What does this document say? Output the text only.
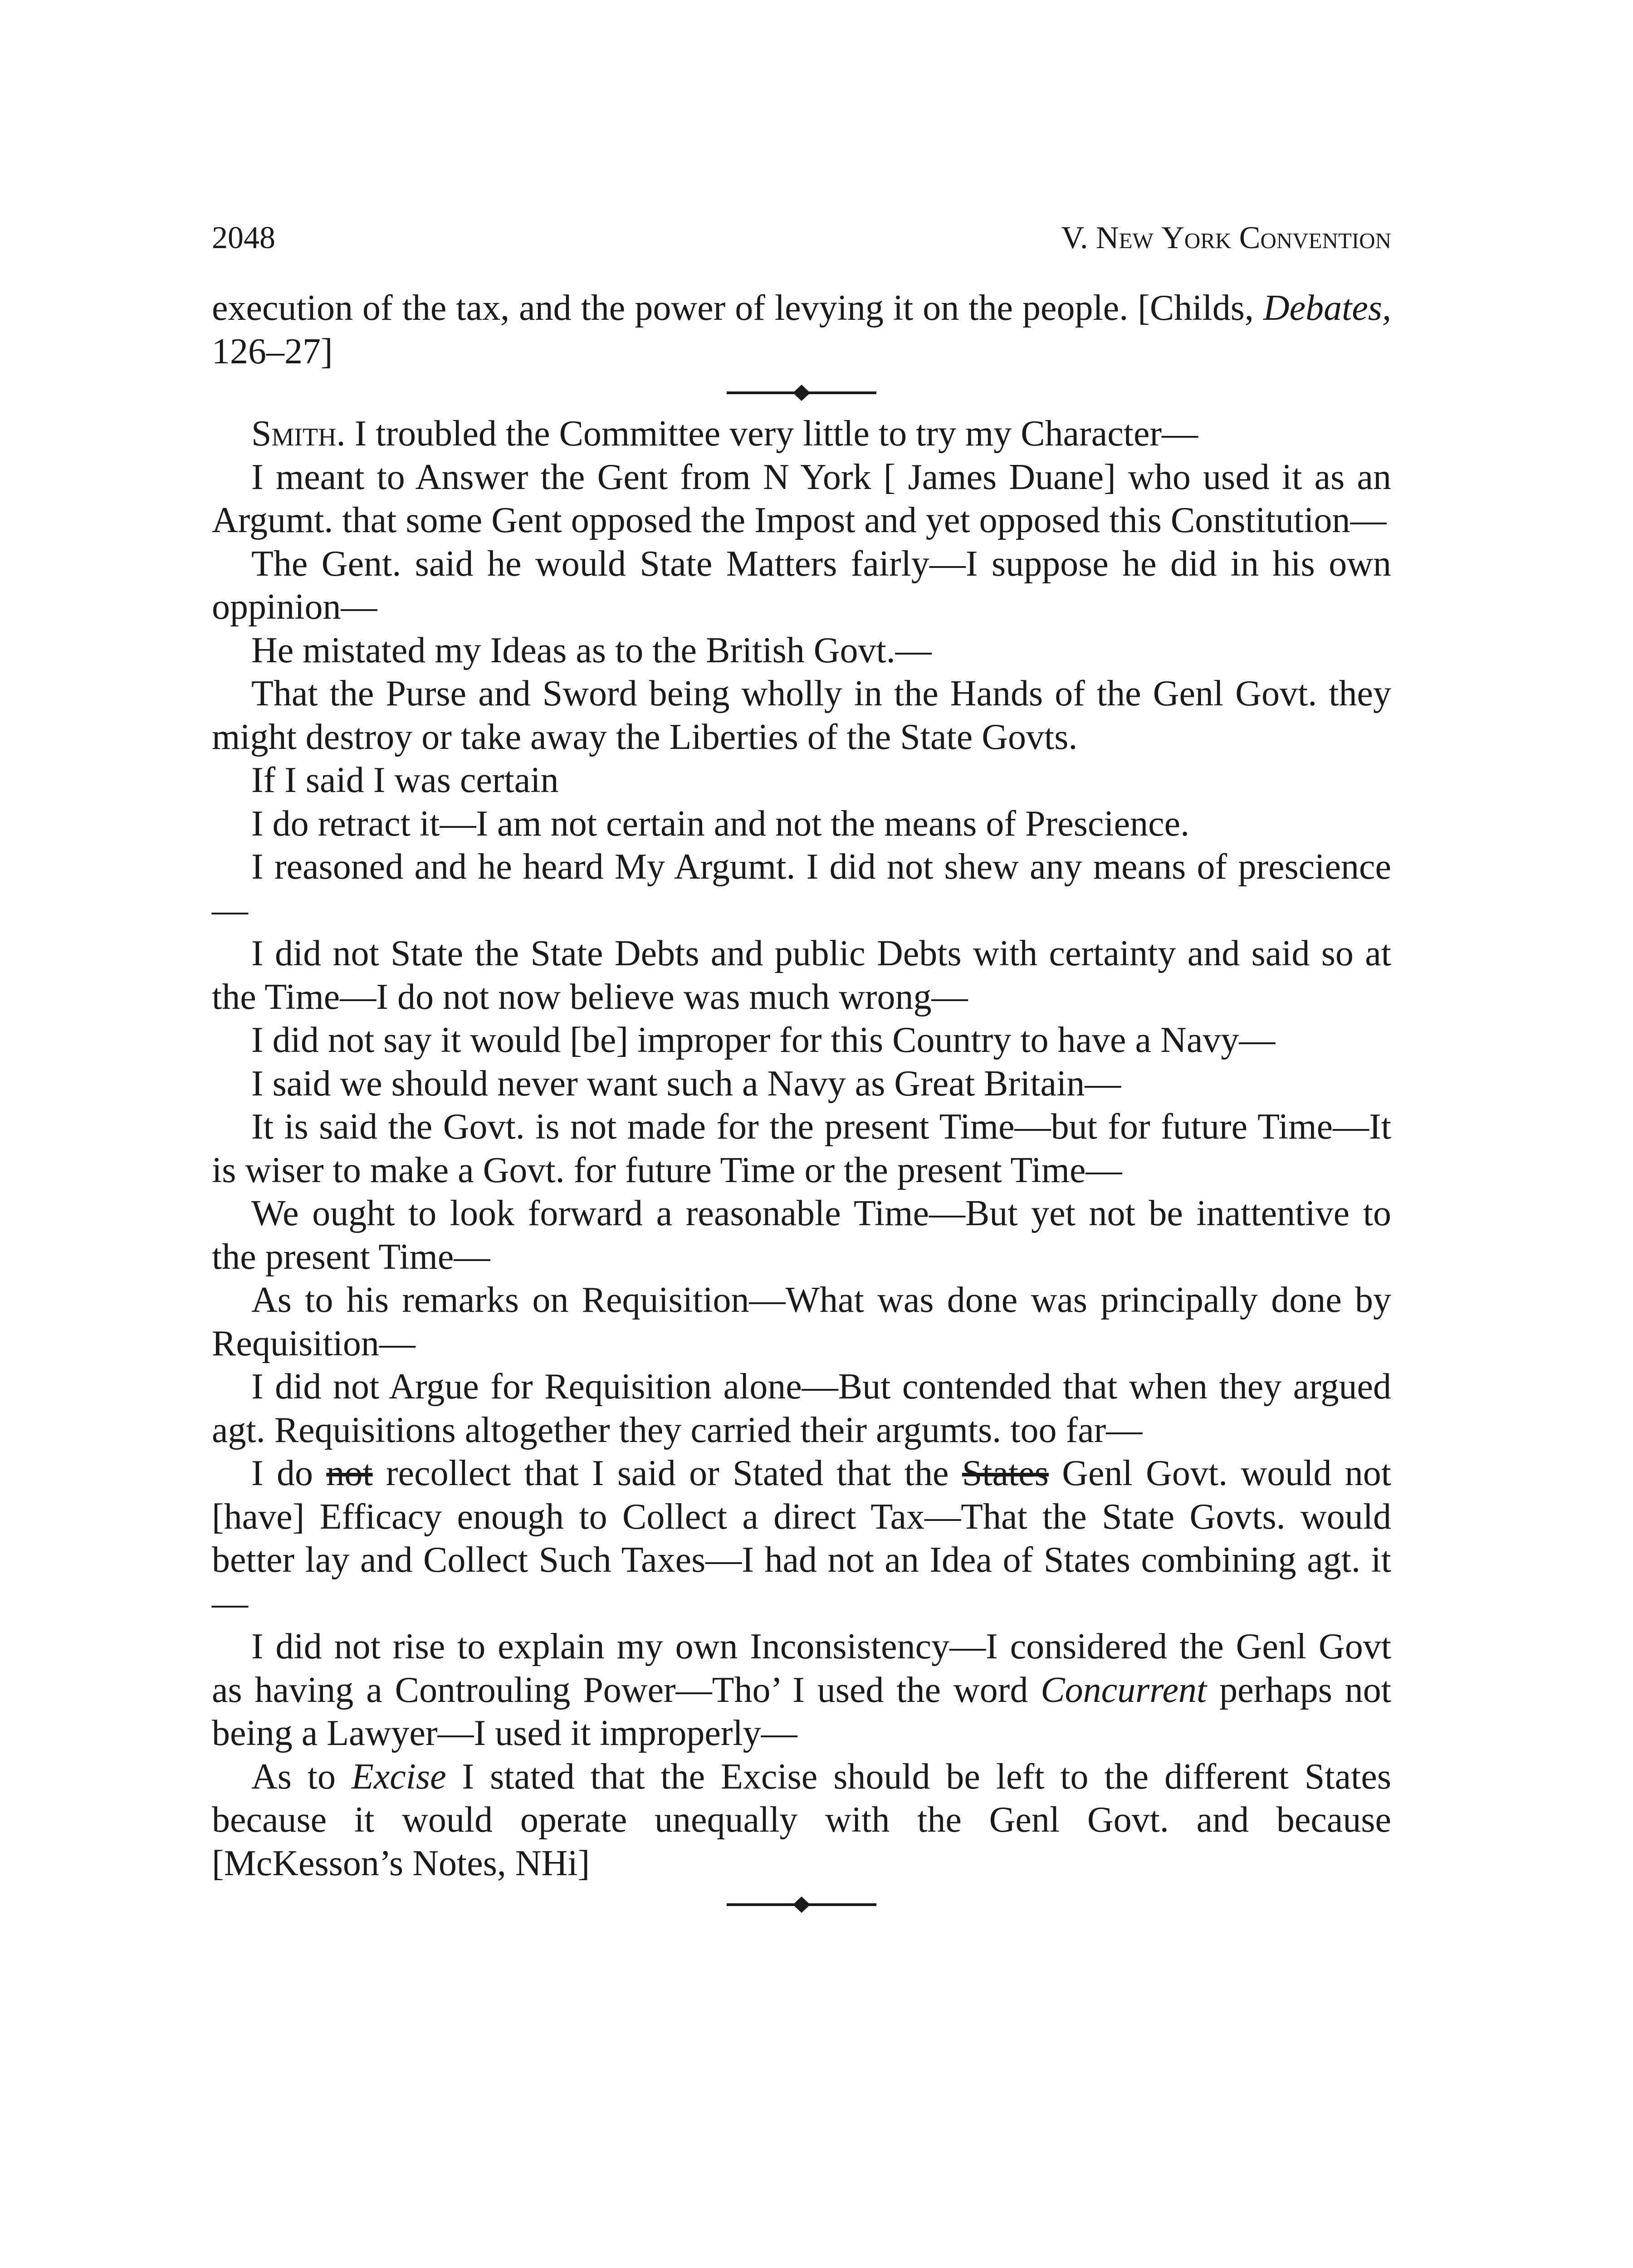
2048	V. New York Convention

execution of the tax, and the power of levying it on the people. [Childs, Debates, 126–27]

Smith. I troubled the Committee very little to try my Character—

I meant to Answer the Gent from N York [ James Duane] who used it as an Argumt. that some Gent opposed the Impost and yet opposed this Constitution—

The Gent. said he would State Matters fairly—I suppose he did in his own oppinion—

He mistated my Ideas as to the British Govt.—

That the Purse and Sword being wholly in the Hands of the Genl Govt. they might destroy or take away the Liberties of the State Govts.

If I said I was certain

I do retract it—I am not certain and not the means of Prescience.

I reasoned and he heard My Argumt. I did not shew any means of prescience—

I did not State the State Debts and public Debts with certainty and said so at the Time—I do not now believe was much wrong—

I did not say it would [be] improper for this Country to have a Navy—

I said we should never want such a Navy as Great Britain—

It is said the Govt. is not made for the present Time—but for future Time—It is wiser to make a Govt. for future Time or the present Time—

We ought to look forward a reasonable Time—But yet not be inattentive to the present Time—

As to his remarks on Requisition—What was done was principally done by Requisition—

I did not Argue for Requisition alone—But contended that when they argued agt. Requisitions altogether they carried their argumts. too far—

I do not recollect that I said or Stated that the States Genl Govt. would not [have] Efficacy enough to Collect a direct Tax—That the State Govts. would better lay and Collect Such Taxes—I had not an Idea of States combining agt. it—

I did not rise to explain my own Inconsistency—I considered the Genl Govt as having a Controuling Power—Tho’ I used the word Concurrent perhaps not being a Lawyer—I used it improperly—

As to Excise I stated that the Excise should be left to the different States because it would operate unequally with the Genl Govt. and because [McKesson’s Notes, NHi]
